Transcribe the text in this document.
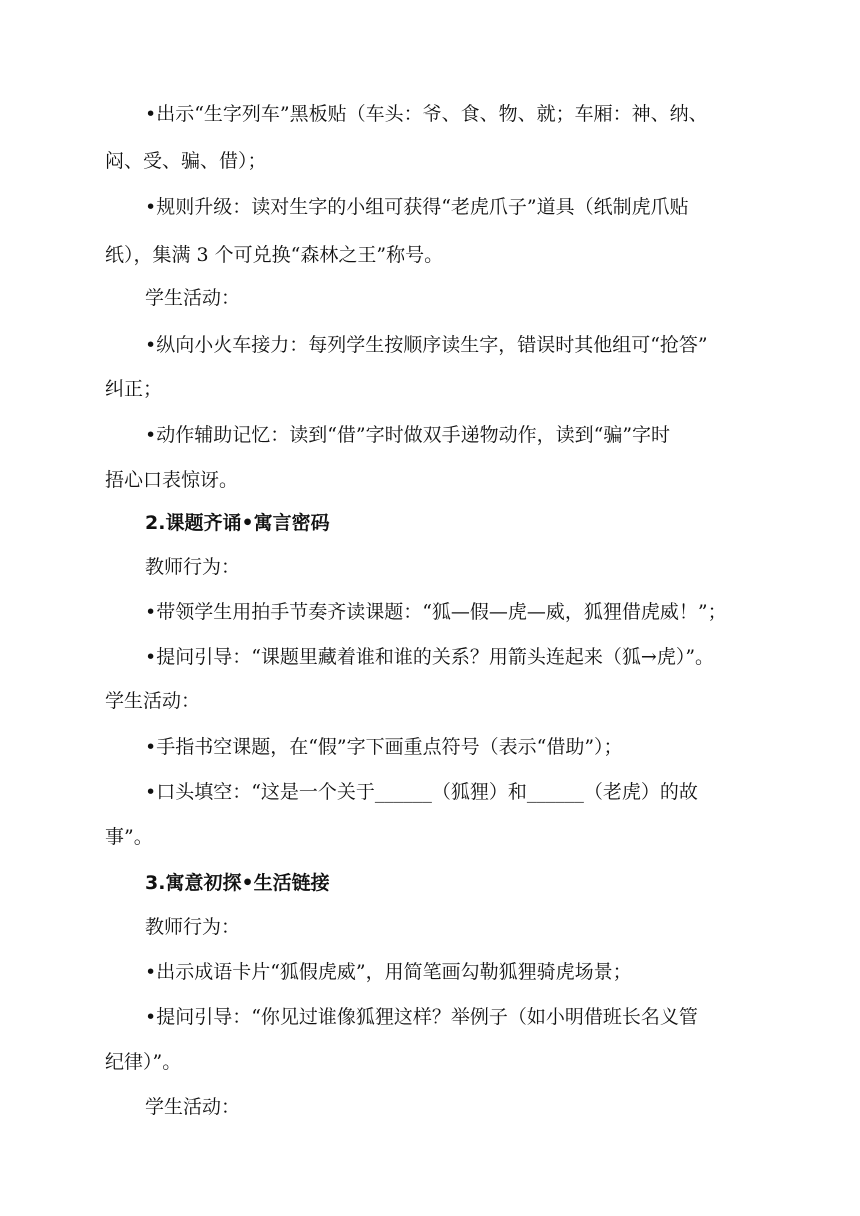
•出示“生字列车”黑板贴（车头：爷、食、物、就；车厢：神、纳、
闷、受、骗、借）；
•规则升级：读对生字的小组可获得“老虎爪子”道具（纸制虎爪贴
纸），集满 3 个可兑换“森林之王”称号。
学生活动：
•纵向小火车接力：每列学生按顺序读生字，错误时其他组可“抢答”
纠正；
•动作辅助记忆：读到“借”字时做双手递物动作，读到“骗”字时
捂心口表惊讶。
2.课题齐诵•寓言密码
教师行为：
•带领学生用拍手节奏齐读课题：“狐—假—虎—威，狐狸借虎威！”；
•提问引导：“课题里藏着谁和谁的关系？用箭头连起来（狐→虎）”。
学生活动：
•手指书空课题，在“假”字下画重点符号（表示“借助”）；
•口头填空：“这是一个关于______（狐狸）和______（老虎）的故
事”。
3.寓意初探•生活链接
教师行为：
•出示成语卡片“狐假虎威”，用简笔画勾勒狐狸骑虎场景；
•提问引导：“你见过谁像狐狸这样？举例子（如小明借班长名义管
纪律）”。
学生活动：
